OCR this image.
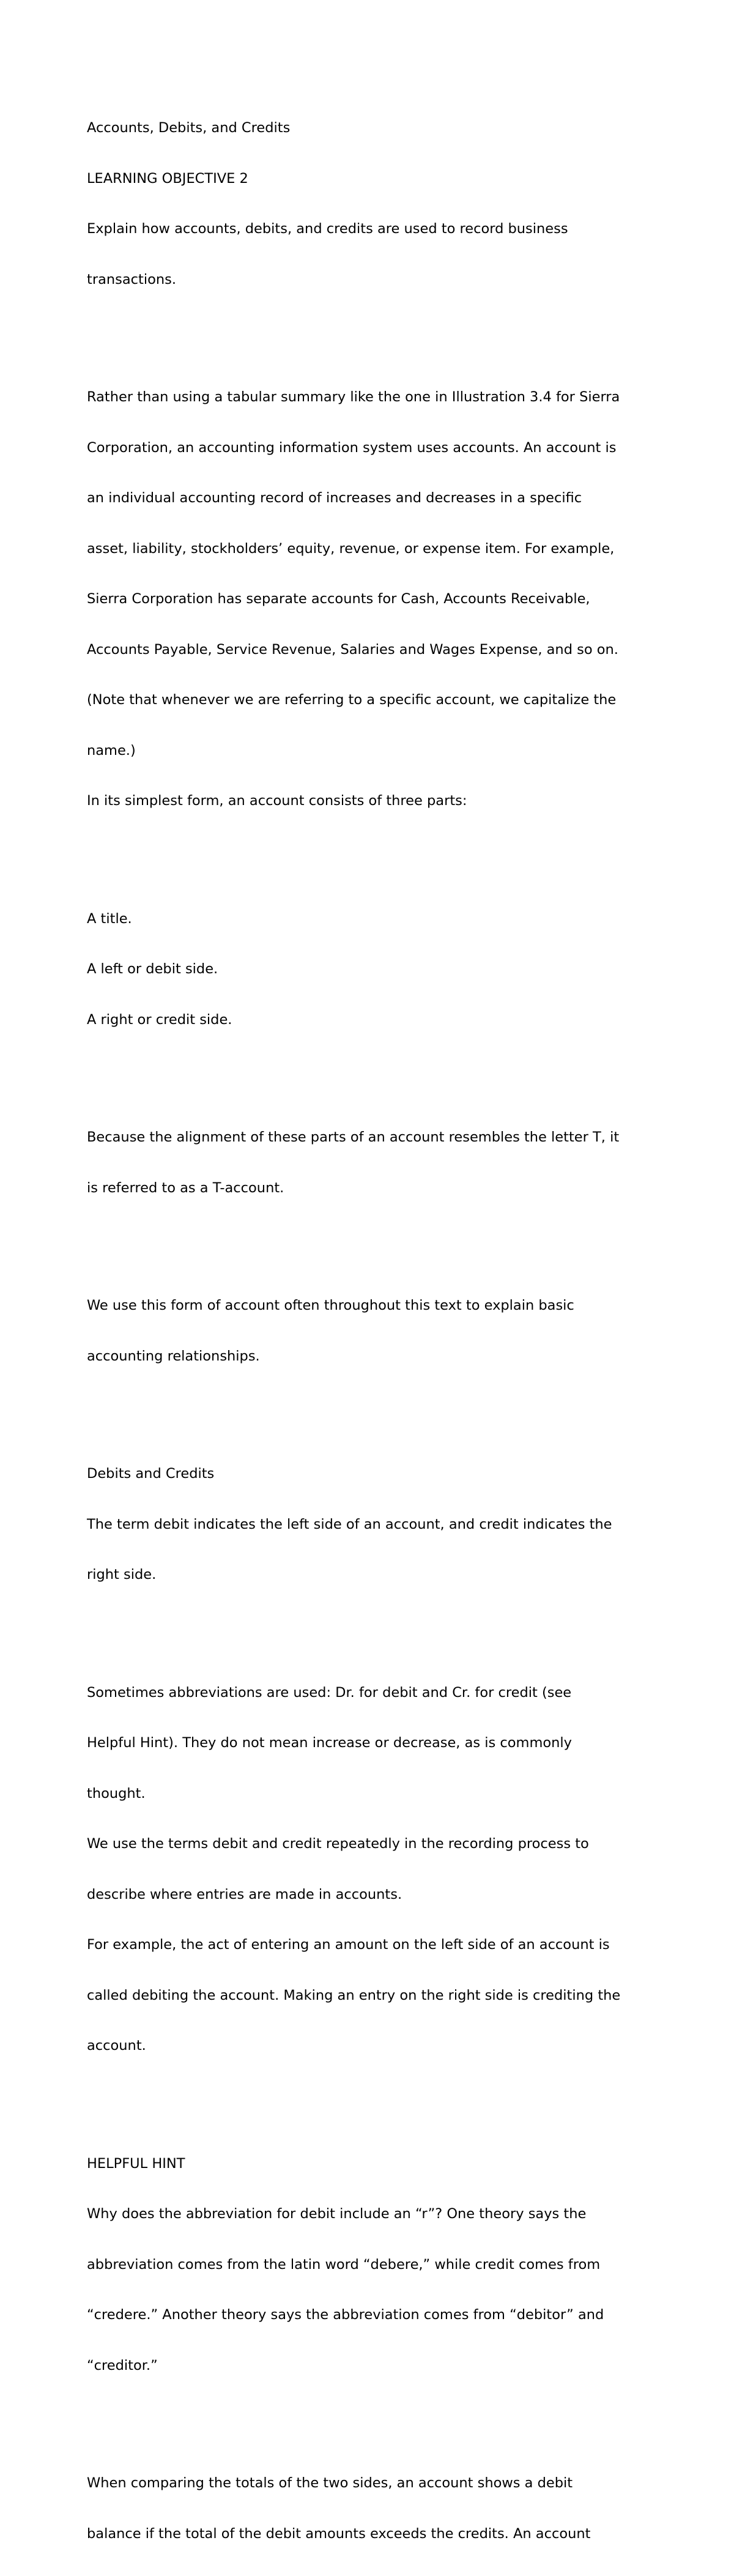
Accounts, Debits, and Credits

LEARNING OBJECTIVE 2

Explain how accounts, debits, and credits are used to record business

transactions.

Rather than using a tabular summary like the one in Illustration 3.4 for Sierra

Corporation, an accounting information system uses accounts. An account is

an individual accounting record of increases and decreases in a specific

asset, liability, stockholders’ equity, revenue, or expense item. For example,

Sierra Corporation has separate accounts for Cash, Accounts Receivable,

Accounts Payable, Service Revenue, Salaries and Wages Expense, and so on.

(Note that whenever we are referring to a specific account, we capitalize the

name.)

In its simplest form, an account consists of three parts:

A title.

A left or debit side.

A right or credit side.

Because the alignment of these parts of an account resembles the letter T, it

is referred to as a T-account.

We use this form of account often throughout this text to explain basic

accounting relationships.

Debits and Credits

The term debit indicates the left side of an account, and credit indicates the

right side.

Sometimes abbreviations are used: Dr. for debit and Cr. for credit (see

Helpful Hint). They do not mean increase or decrease, as is commonly

thought.

We use the terms debit and credit repeatedly in the recording process to

describe where entries are made in accounts.

For example, the act of entering an amount on the left side of an account is

called debiting the account. Making an entry on the right side is crediting the

account.

HELPFUL HINT

Why does the abbreviation for debit include an “r”? One theory says the

abbreviation comes from the latin word “debere,” while credit comes from

“credere.” Another theory says the abbreviation comes from “debitor” and

“creditor.”

When comparing the totals of the two sides, an account shows a debit

balance if the total of the debit amounts exceeds the credits. An account
